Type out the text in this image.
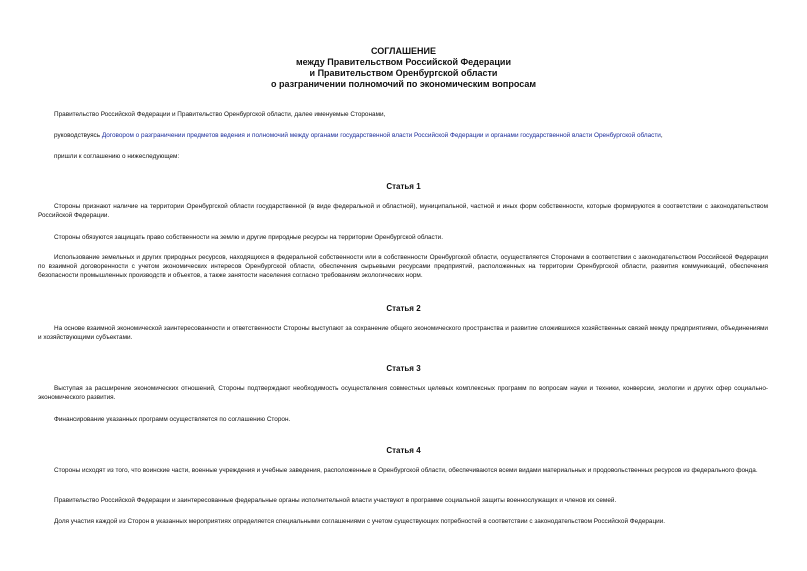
СОГЛАШЕНИЕ
между Правительством Российской Федерации
и Правительством Оренбургской области
о разграничении полномочий по экономическим вопросам
Правительство Российской Федерации и Правительство Оренбургской области, далее именуемые Сторонами,
руководствуясь Договором о разграничении предметов ведения и полномочий между органами государственной власти Российской Федерации и органами государственной власти Оренбургской области,
пришли к соглашению о нижеследующем:
Статья 1
Стороны признают наличие на территории Оренбургской области государственной (в виде федеральной и областной), муниципальной, частной и иных форм собственности, которые формируются в соответствии с законодательством Российской Федерации.
Стороны обязуются защищать право собственности на землю и другие природные ресурсы на территории Оренбургской области.
Использование земельных и других природных ресурсов, находящихся в федеральной собственности или в собственности Оренбургской области, осуществляется Сторонами в соответствии с законодательством Российской Федерации по взаимной договоренности с учетом экономических интересов Оренбургской области, обеспечения сырьевыми ресурсами предприятий, расположенных на территории Оренбургской области, развития коммуникаций, обеспечения безопасности промышленных производств и объектов, а также занятости населения согласно требованиям экологических норм.
Статья 2
На основе взаимной экономической заинтересованности и ответственности Стороны выступают за сохранение общего экономического пространства и развитие сложившихся хозяйственных связей между предприятиями, объединениями и хозяйствующими субъектами.
Статья 3
Выступая за расширение экономических отношений, Стороны подтверждают необходимость осуществления совместных целевых комплексных программ по вопросам науки и техники, конверсии, экологии и других сфер социально-экономического развития.
Финансирование указанных программ осуществляется по соглашению Сторон.
Статья 4
Стороны исходят из того, что воинские части, военные учреждения и учебные заведения, расположенные в Оренбургской области, обеспечиваются всеми видами материальных и продовольственных ресурсов из федерального фонда.
Правительство Российской Федерации и заинтересованные федеральные органы исполнительной власти участвуют в программе социальной защиты военнослужащих и членов их семей.
Доля участия каждой из Сторон в указанных мероприятиях определяется специальными соглашениями с учетом существующих потребностей в соответствии с законодательством Российской Федерации.
